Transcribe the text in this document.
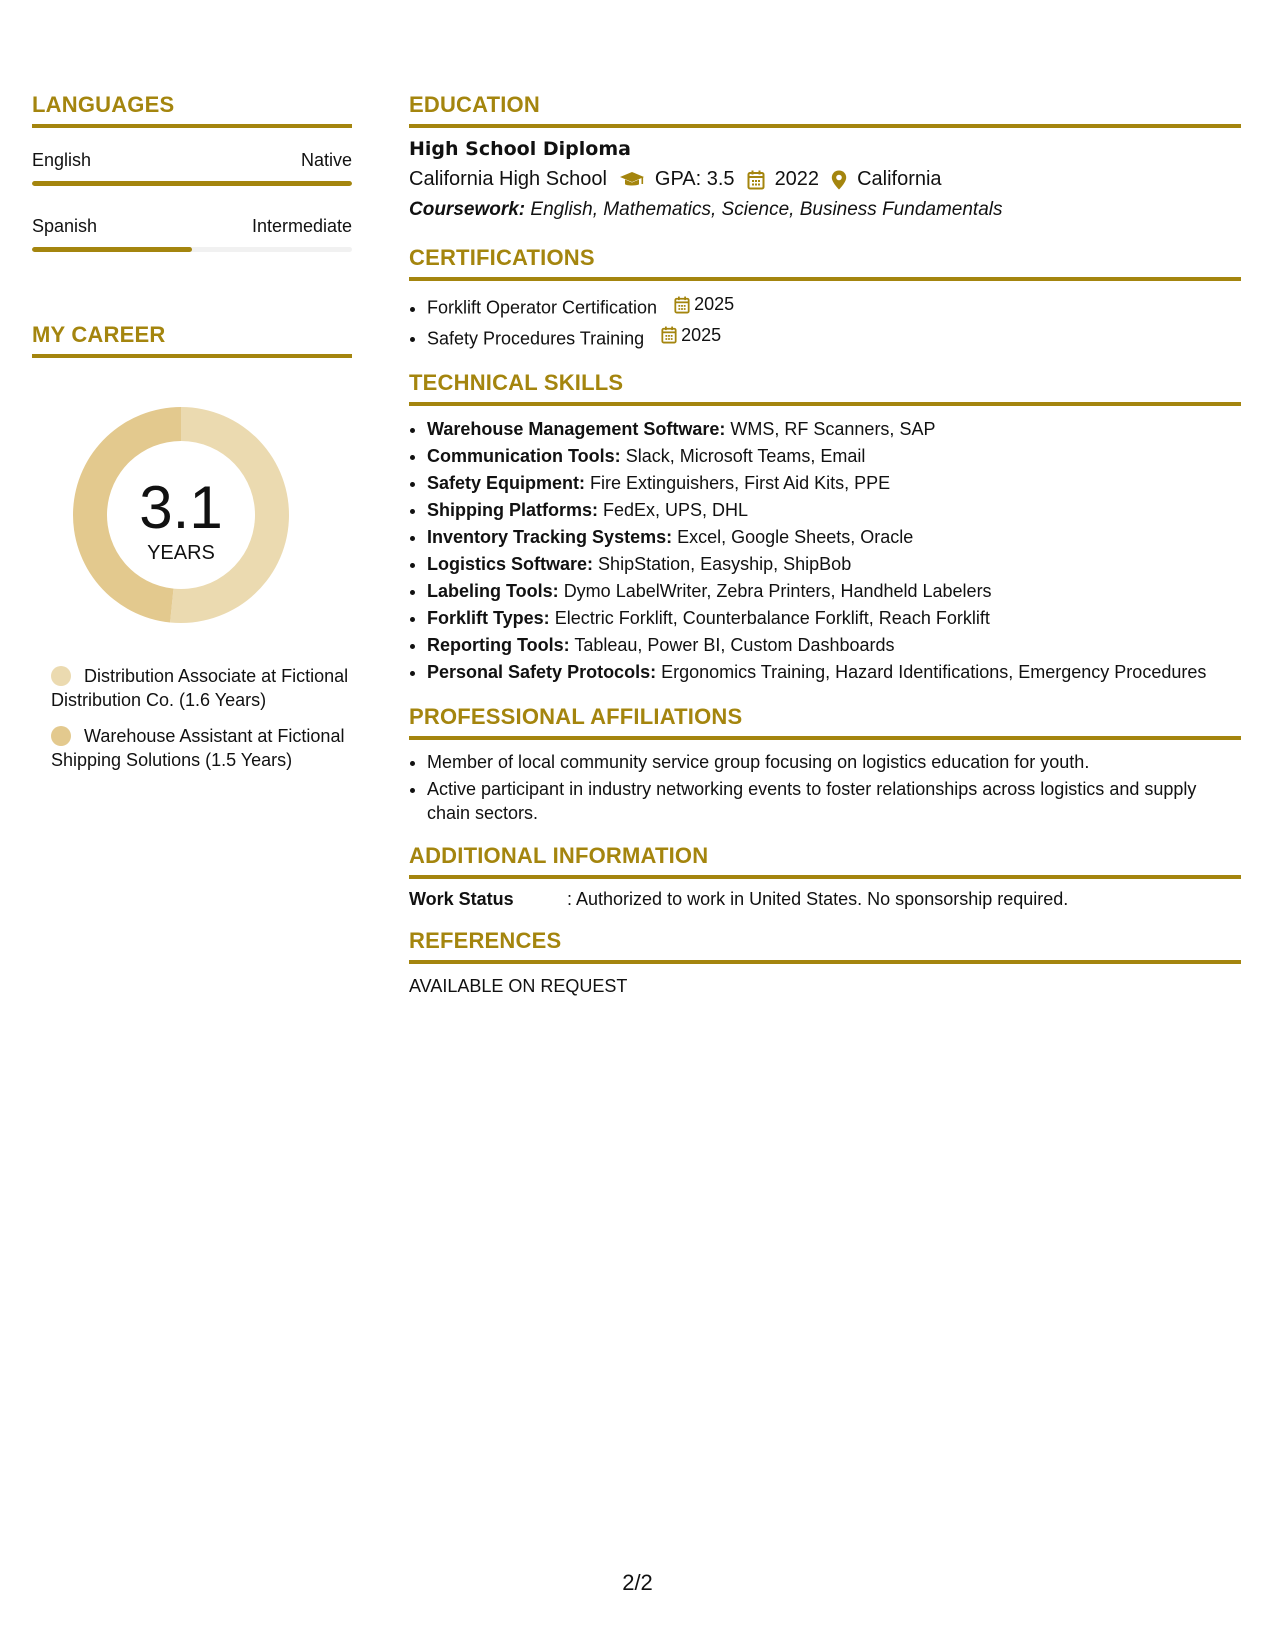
LANGUAGES
English	Native
Spanish	Intermediate
MY CAREER
3.1
YEARS
Distribution Associate at Fictional Distribution Co. (1.6 Years)
Warehouse Assistant at Fictional Shipping Solutions (1.5 Years)
EDUCATION
High School Diploma
California High School GPA: 3.5 2022 California
Coursework: English, Mathematics, Science, Business Fundamentals
CERTIFICATIONS
• Forklift Operator Certification 2025
• Safety Procedures Training 2025
TECHNICAL SKILLS
• Warehouse Management Software: WMS, RF Scanners, SAP
• Communication Tools: Slack, Microsoft Teams, Email
• Safety Equipment: Fire Extinguishers, First Aid Kits, PPE
• Shipping Platforms: FedEx, UPS, DHL
• Inventory Tracking Systems: Excel, Google Sheets, Oracle
• Logistics Software: ShipStation, Easyship, ShipBob
• Labeling Tools: Dymo LabelWriter, Zebra Printers, Handheld Labelers
• Forklift Types: Electric Forklift, Counterbalance Forklift, Reach Forklift
• Reporting Tools: Tableau, Power BI, Custom Dashboards
• Personal Safety Protocols: Ergonomics Training, Hazard Identifications, Emergency Procedures
PROFESSIONAL AFFILIATIONS
• Member of local community service group focusing on logistics education for youth.
• Active participant in industry networking events to foster relationships across logistics and supply chain sectors.
ADDITIONAL INFORMATION
Work Status	: Authorized to work in United States. No sponsorship required.
REFERENCES
AVAILABLE ON REQUEST
2/2
